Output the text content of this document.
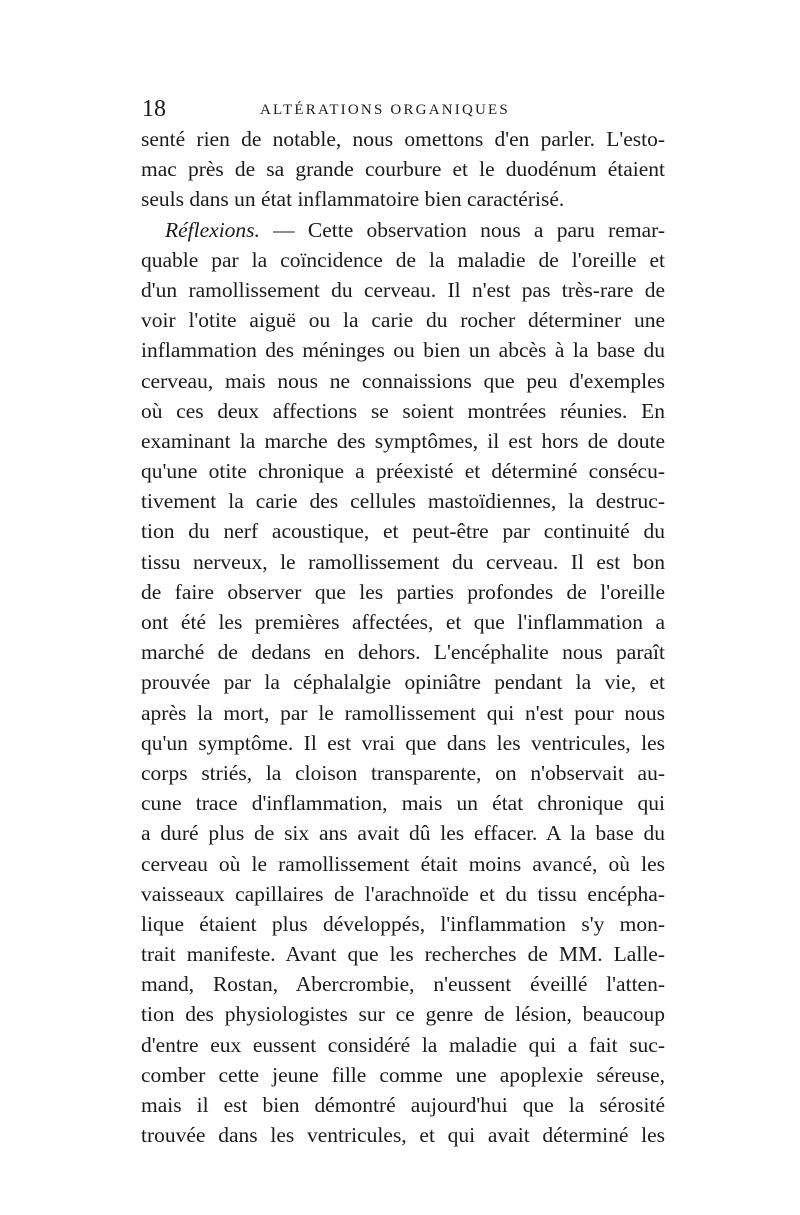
18	ALTÉRATIONS ORGANIQUES
senté rien de notable, nous omettons d'en parler. L'esto-
mac près de sa grande courbure et le duodénum étaient
seuls dans un état inflammatoire bien caractérisé.
Réflexions. — Cette observation nous a paru remar-
quable par la coïncidence de la maladie de l'oreille et
d'un ramollissement du cerveau. Il n'est pas très-rare de
voir l'otite aiguë ou la carie du rocher déterminer une
inflammation des méninges ou bien un abcès à la base du
cerveau, mais nous ne connaissions que peu d'exemples
où ces deux affections se soient montrées réunies. En
examinant la marche des symptômes, il est hors de doute
qu'une otite chronique a préexisté et déterminé consécu-
tivement la carie des cellules mastoïdiennes, la destruc-
tion du nerf acoustique, et peut-être par continuité du
tissu nerveux, le ramollissement du cerveau. Il est bon
de faire observer que les parties profondes de l'oreille
ont été les premières affectées, et que l'inflammation a
marché de dedans en dehors. L'encéphalite nous paraît
prouvée par la céphalalgie opiniâtre pendant la vie, et
après la mort, par le ramollissement qui n'est pour nous
qu'un symptôme. Il est vrai que dans les ventricules, les
corps striés, la cloison transparente, on n'observait au-
cune trace d'inflammation, mais un état chronique qui
a duré plus de six ans avait dû les effacer. A la base du
cerveau où le ramollissement était moins avancé, où les
vaisseaux capillaires de l'arachnoïde et du tissu encépha-
lique étaient plus développés, l'inflammation s'y mon-
trait manifeste. Avant que les recherches de MM. Lalle-
mand, Rostan, Abercrombie, n'eussent éveillé l'atten-
tion des physiologistes sur ce genre de lésion, beaucoup
d'entre eux eussent considéré la maladie qui a fait suc-
comber cette jeune fille comme une apoplexie séreuse,
mais il est bien démontré aujourd'hui que la sérosité
trouvée dans les ventricules, et qui avait déterminé les
